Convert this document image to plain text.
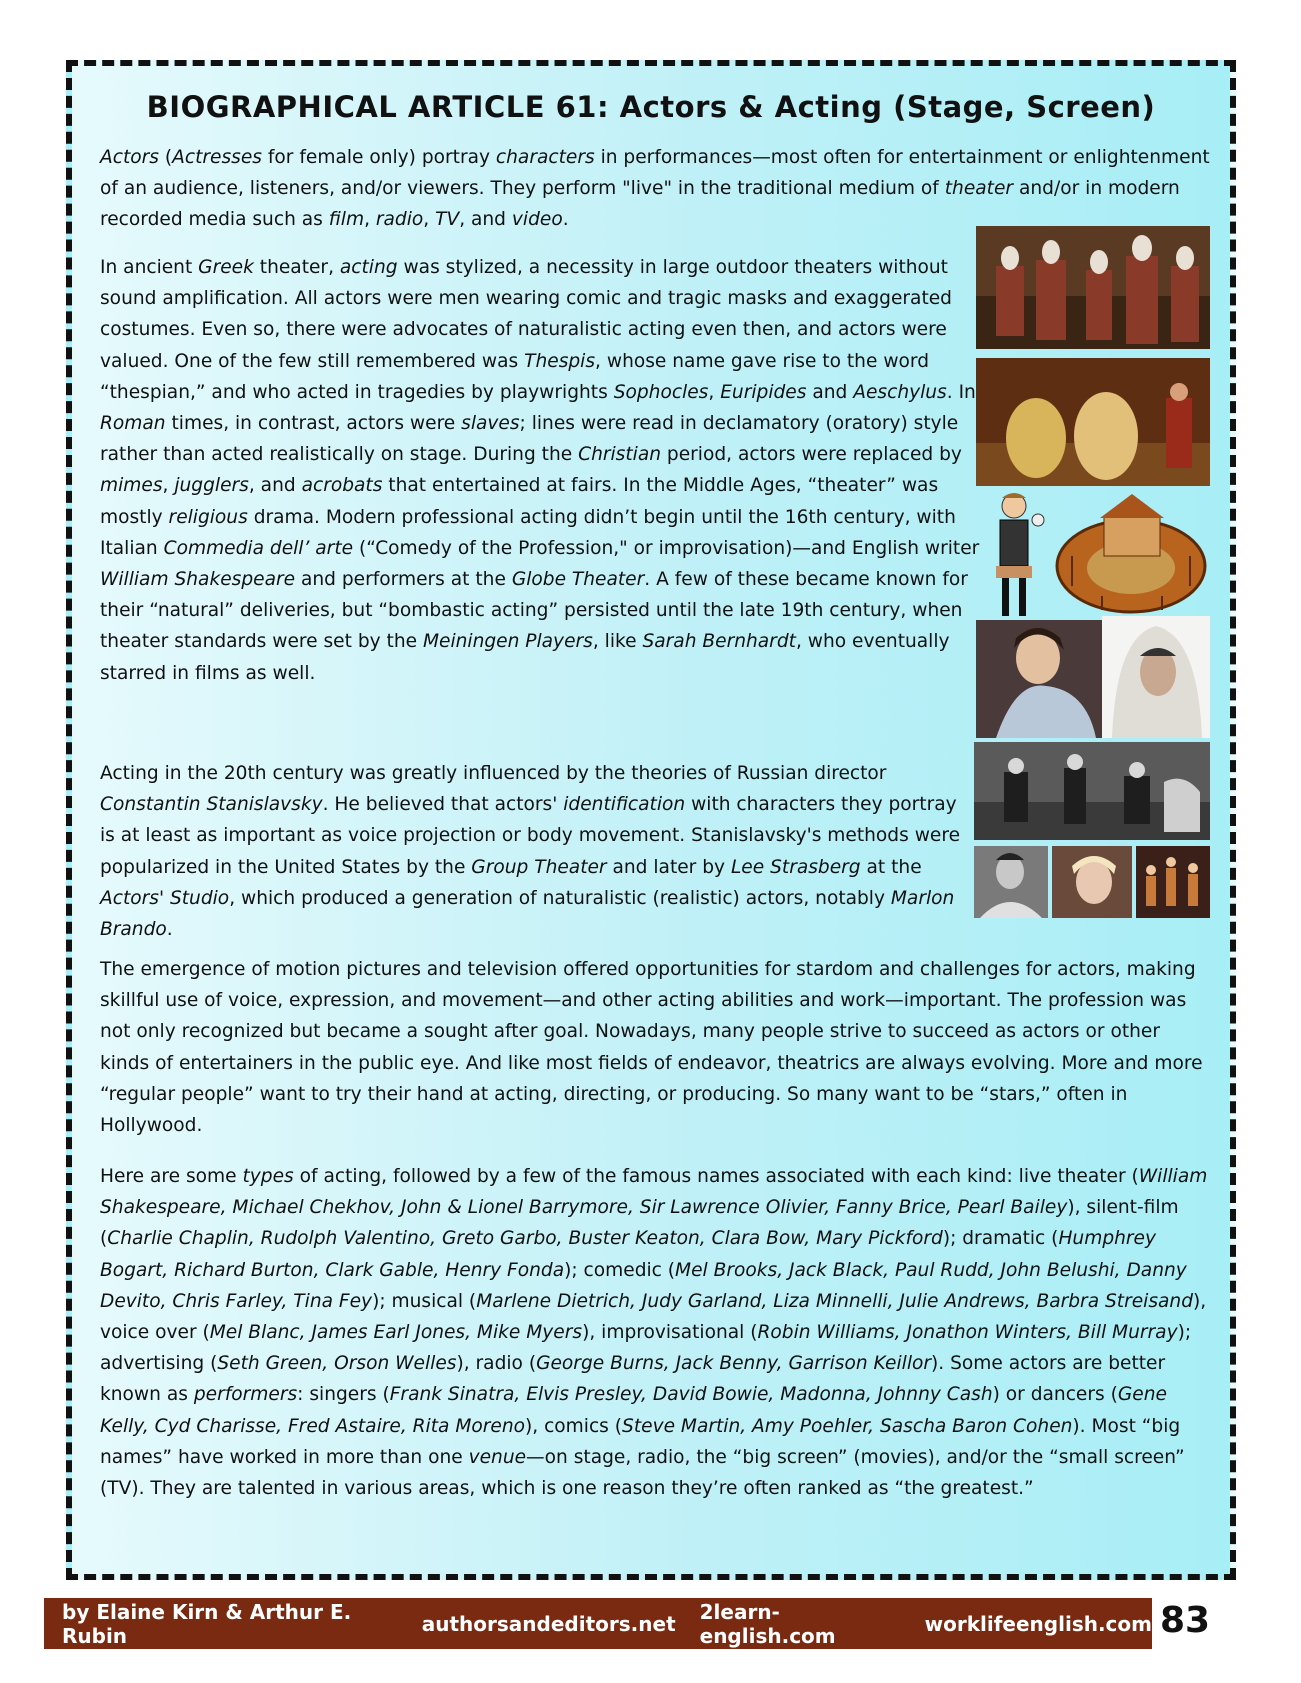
BIOGRAPHICAL ARTICLE 61: Actors & Acting (Stage, Screen)

Actors (Actresses for female only) portray characters in performances—most often for entertainment or enlightenment of an audience, listeners, and/or viewers. They perform "live" in the traditional medium of theater and/or in modern recorded media such as film, radio, TV, and video.

In ancient Greek theater, acting was stylized, a necessity in large outdoor theaters without sound amplification. All actors were men wearing comic and tragic masks and exaggerated costumes. Even so, there were advocates of naturalistic acting even then, and actors were valued. One of the few still remembered was Thespis, whose name gave rise to the word “thespian,” and who acted in tragedies by playwrights Sophocles, Euripides and Aeschylus. In Roman times, in contrast, actors were slaves; lines were read in declamatory (oratory) style rather than acted realistically on stage. During the Christian period, actors were replaced by mimes, jugglers, and acrobats that entertained at fairs. In the Middle Ages, “theater” was mostly religious drama. Modern professional acting didn’t begin until the 16th century, with Italian Commedia dell’ arte (“Comedy of the Profession," or improvisation)—and English writer William Shakespeare and performers at the Globe Theater. A few of these became known for their “natural” deliveries, but “bombastic acting” persisted until the late 19th century, when theater standards were set by the Meiningen Players, like Sarah Bernhardt, who eventually starred in films as well.

Acting in the 20th century was greatly influenced by the theories of Russian director Constantin Stanislavsky. He believed that actors' identification with characters they portray is at least as important as voice projection or body movement. Stanislavsky's methods were popularized in the United States by the Group Theater and later by Lee Strasberg at the Actors' Studio, which produced a generation of naturalistic (realistic) actors, notably Marlon Brando.

The emergence of motion pictures and television offered opportunities for stardom and challenges for actors, making skillful use of voice, expression, and movement—and other acting abilities and work—important. The profession was not only recognized but became a sought after goal. Nowadays, many people strive to succeed as actors or other kinds of entertainers in the public eye. And like most fields of endeavor, theatrics are always evolving. More and more “regular people” want to try their hand at acting, directing, or producing. So many want to be “stars,” often in Hollywood.

Here are some types of acting, followed by a few of the famous names associated with each kind: live theater (William Shakespeare, Michael Chekhov, John & Lionel Barrymore, Sir Lawrence Olivier, Fanny Brice, Pearl Bailey), silent-film (Charlie Chaplin, Rudolph Valentino, Greto Garbo, Buster Keaton, Clara Bow, Mary Pickford); dramatic (Humphrey Bogart, Richard Burton, Clark Gable, Henry Fonda); comedic (Mel Brooks, Jack Black, Paul Rudd, John Belushi, Danny Devito, Chris Farley, Tina Fey); musical (Marlene Dietrich, Judy Garland, Liza Minnelli, Julie Andrews, Barbra Streisand), voice over (Mel Blanc, James Earl Jones, Mike Myers), improvisational (Robin Williams, Jonathon Winters, Bill Murray); advertising (Seth Green, Orson Welles), radio (George Burns, Jack Benny, Garrison Keillor). Some actors are better known as performers: singers (Frank Sinatra, Elvis Presley, David Bowie, Madonna, Johnny Cash) or dancers (Gene Kelly, Cyd Charisse, Fred Astaire, Rita Moreno), comics (Steve Martin, Amy Poehler, Sascha Baron Cohen). Most “big names” have worked in more than one venue—on stage, radio, the “big screen” (movies), and/or the “small screen” (TV). They are talented in various areas, which is one reason they’re often ranked as “the greatest.”

by Elaine Kirn & Arthur E. Rubin	authorsandeditors.net 2learn-english.com	worklifeenglish.com 83
